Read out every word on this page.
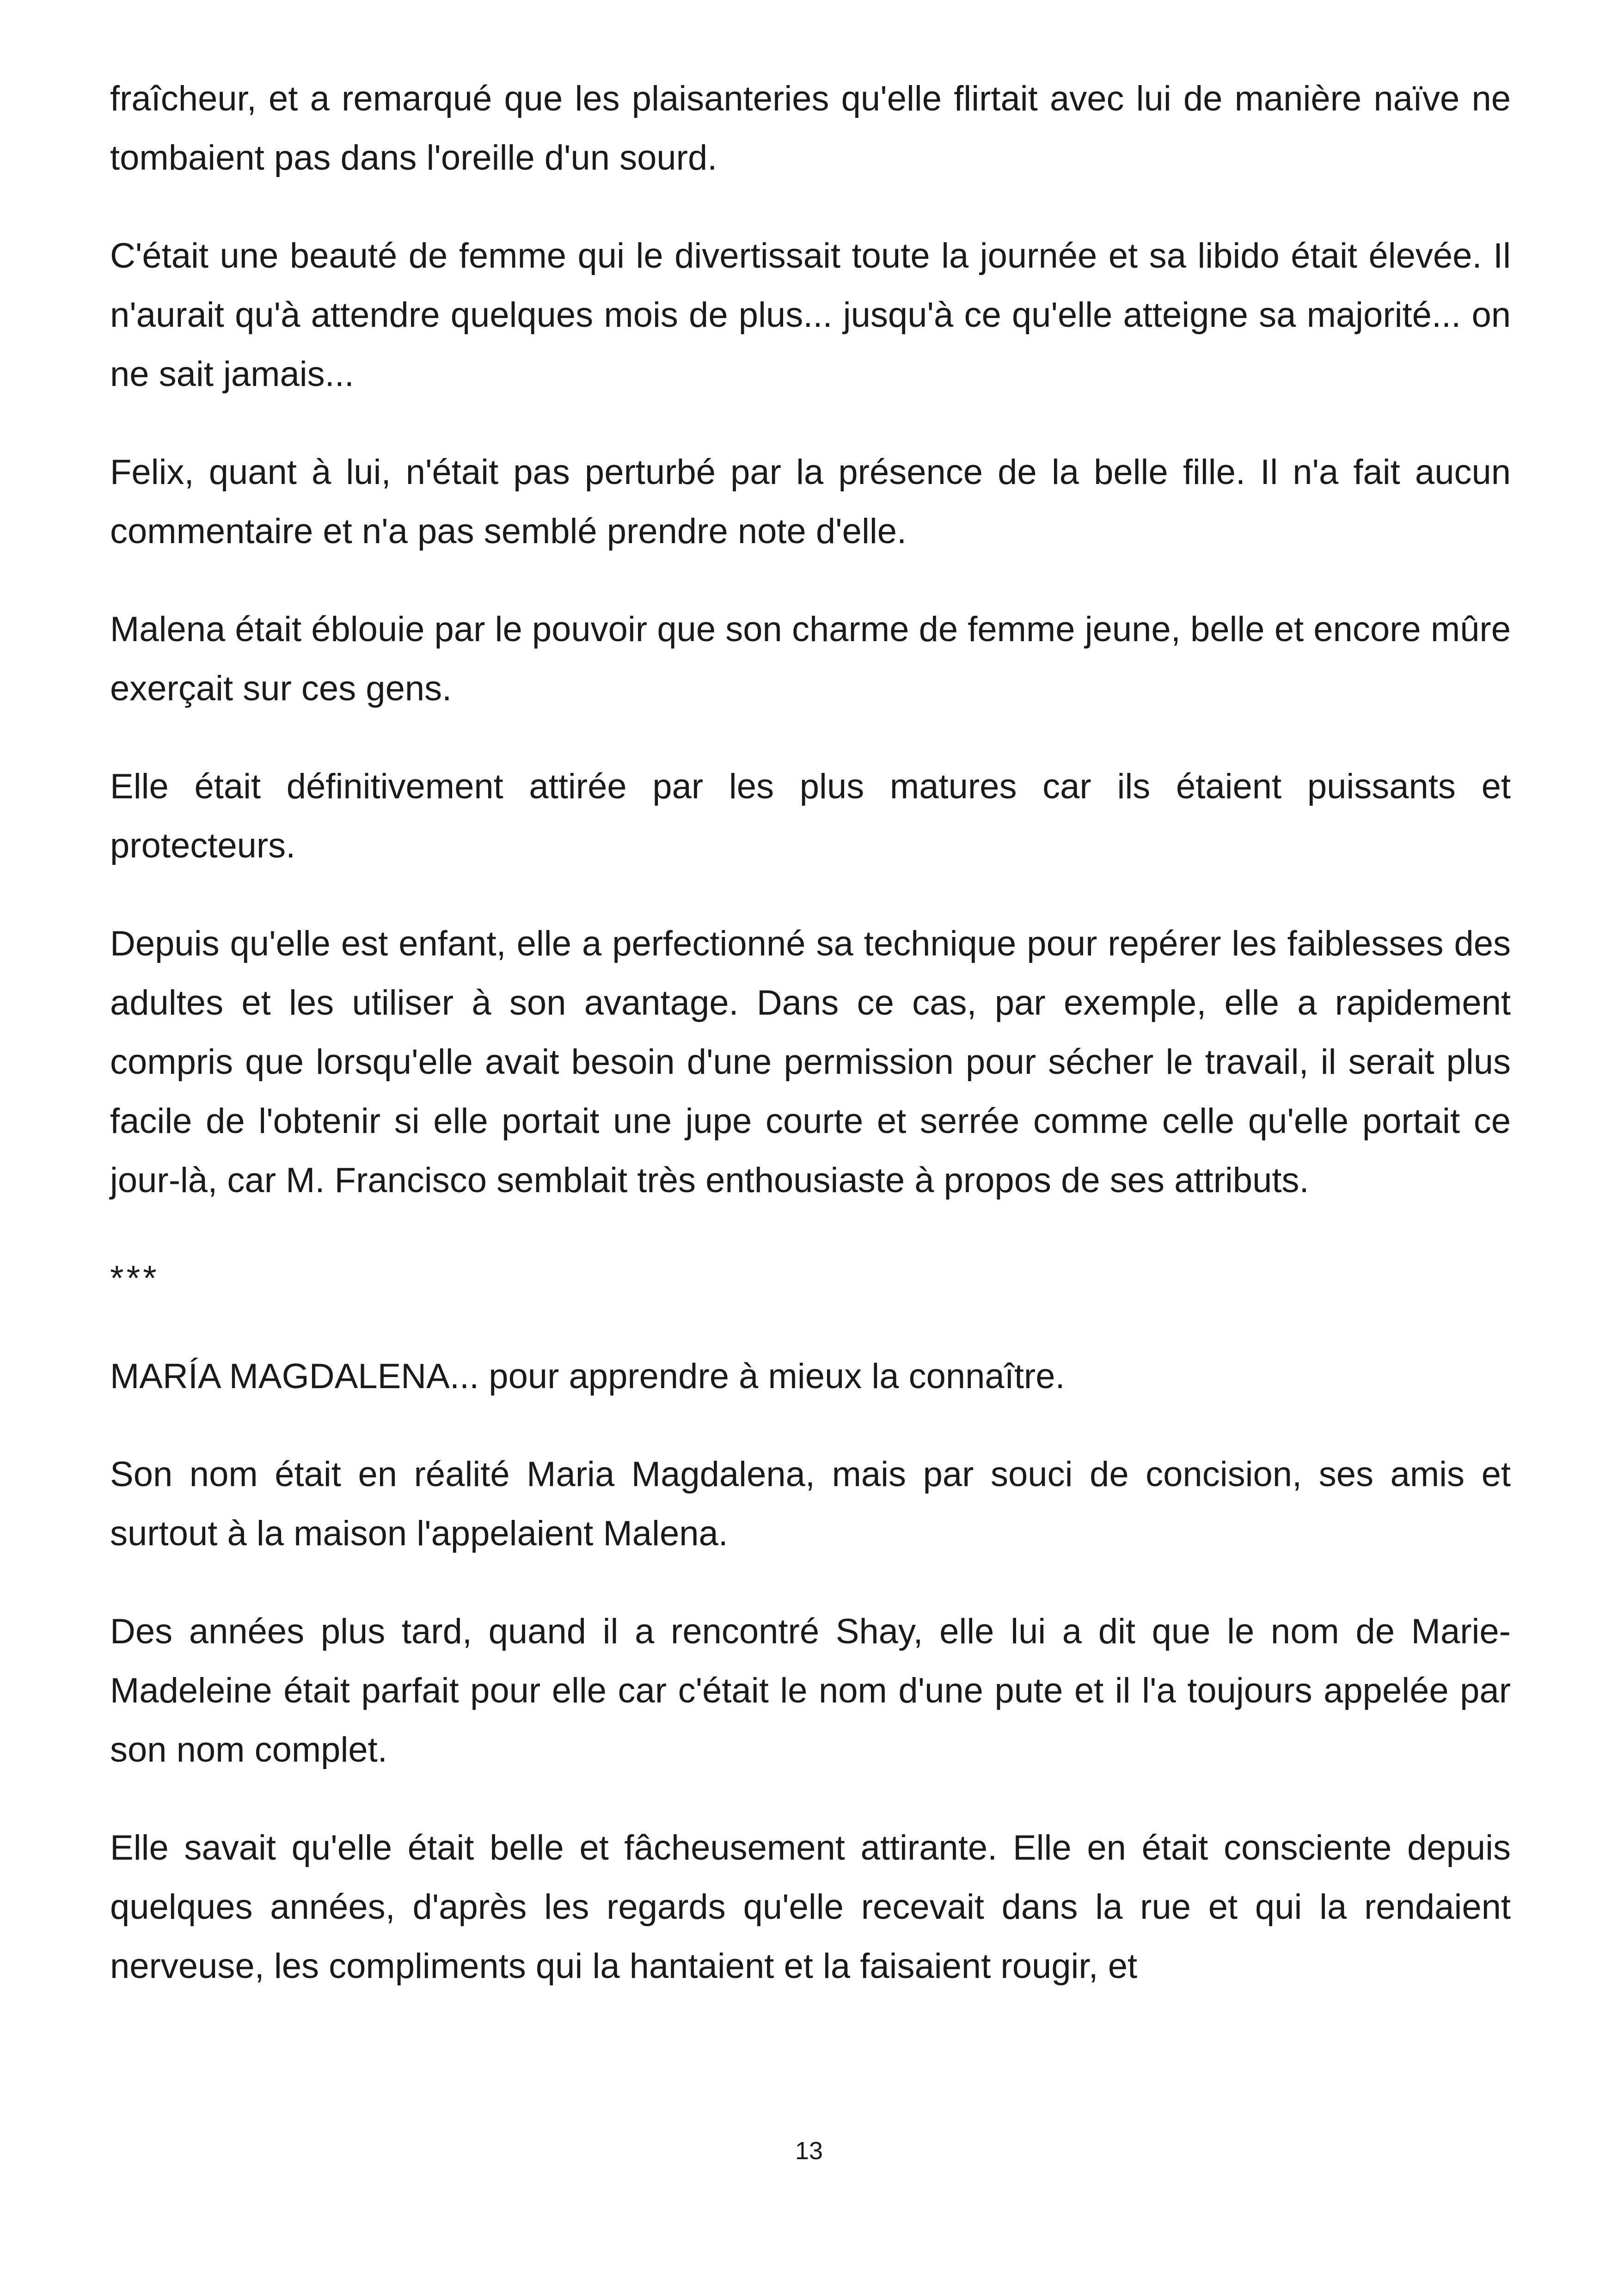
fraîcheur, et a remarqué que les plaisanteries qu'elle flirtait avec lui de manière naïve ne tombaient pas dans l'oreille d'un sourd.

C'était une beauté de femme qui le divertissait toute la journée et sa libido était élevée. Il n'aurait qu'à attendre quelques mois de plus... jusqu'à ce qu'elle atteigne sa majorité... on ne sait jamais...

Felix, quant à lui, n'était pas perturbé par la présence de la belle fille. Il n'a fait aucun commentaire et n'a pas semblé prendre note d'elle.

Malena était éblouie par le pouvoir que son charme de femme jeune, belle et encore mûre exerçait sur ces gens.

Elle était définitivement attirée par les plus matures car ils étaient puissants et protecteurs.

Depuis qu'elle est enfant, elle a perfectionné sa technique pour repérer les faiblesses des adultes et les utiliser à son avantage. Dans ce cas, par exemple, elle a rapidement compris que lorsqu'elle avait besoin d'une permission pour sécher le travail, il serait plus facile de l'obtenir si elle portait une jupe courte et serrée comme celle qu'elle portait ce jour-là, car M. Francisco semblait très enthousiaste à propos de ses attributs.

***

MARÍA MAGDALENA... pour apprendre à mieux la connaître.

Son nom était en réalité Maria Magdalena, mais par souci de concision, ses amis et surtout à la maison l'appelaient Malena.

Des années plus tard, quand il a rencontré Shay, elle lui a dit que le nom de Marie-Madeleine était parfait pour elle car c'était le nom d'une pute et il l'a toujours appelée par son nom complet.

Elle savait qu'elle était belle et fâcheusement attirante. Elle en était consciente depuis quelques années, d'après les regards qu'elle recevait dans la rue et qui la rendaient nerveuse, les compliments qui la hantaient et la faisaient rougir, et

13
